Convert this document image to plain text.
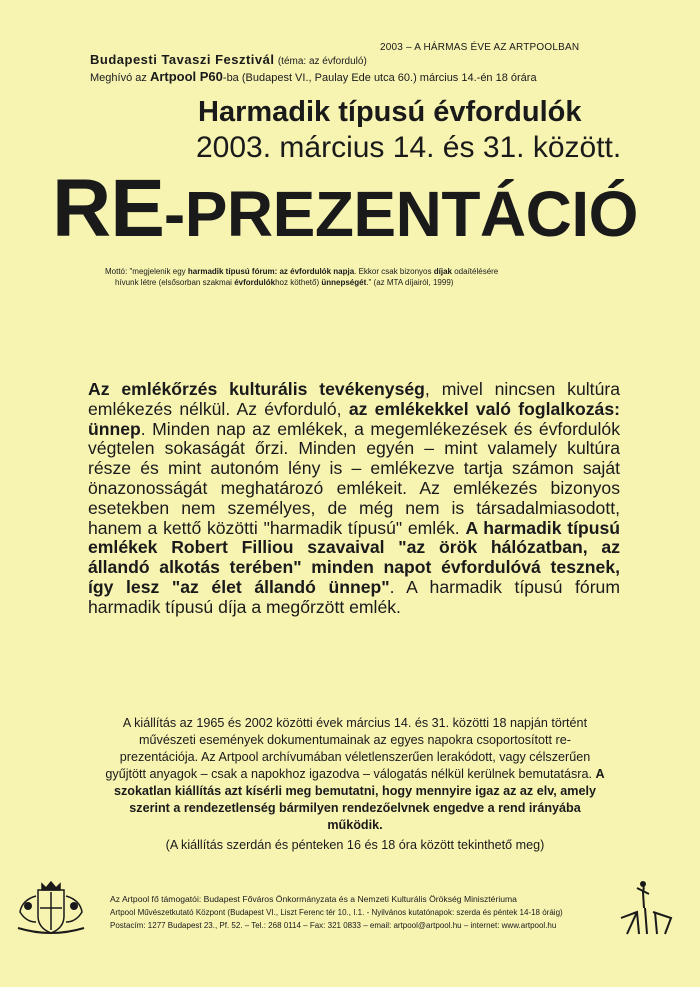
2003 – A HÁRMAS ÉVE AZ ARTPOOLBAN
Budapesti Tavaszi Fesztivál (téma: az évforduló)
Meghívó az Artpool P60-ba (Budapest VI., Paulay Ede utca 60.) március 14.-én 18 órára
Harmadik típusú évfordulók
2003. március 14. és 31. között.
RE-PREZENTÁCIÓ
Mottó: "megjelenik egy harmadik típusú fórum: az évfordulók napja. Ekkor csak bizonyos díjak odaítélésére
hívunk létre (elsősorban szakmai évfordulókhoz köthető) ünnepségét." (az MTA díjairól, 1999)
Az emlékőrzés kulturális tevékenység, mivel nincsen kultúra emlékezés nélkül. Az évforduló, az emlékekkel való foglalkozás: ünnep. Minden nap az emlékek, a megemlékezések és évfordulók végtelen sokaságát őrzi. Minden egyén – mint valamely kultúra része és mint autonóm lény is – emlékezve tartja számon saját önazonosságát meghatározó emlékeit. Az emlékezés bizonyos esetekben nem személyes, de még nem is társadalmiasodott, hanem a kettő közötti "harmadik típusú" emlék. A harmadik típusú emlékek Robert Filliou szavaival "az örök hálózatban, az állandó alkotás terében" minden napot évfordulóvá tesznek, így lesz "az élet állandó ünnep". A harmadik típusú fórum harmadik típusú díja a megőrzött emlék.
A kiállítás az 1965 és 2002 közötti évek március 14. és 31. közötti 18 napján történt művészeti események dokumentumainak az egyes napokra csoportosított re-prezentációja. Az Artpool archívumában véletlenszerűen lerakódott, vagy célszerűen gyűjtött anyagok – csak a napokhoz igazodva – válogatás nélkül kerülnek bemutatásra. A szokatlan kiállítás azt kísérli meg bemutatni, hogy mennyire igaz az az elv, amely szerint a rendezetlenség bármilyen rendezőelvnek engedve a rend irányába működik.
(A kiállítás szerdán és pénteken 16 és 18 óra között tekinthető meg)
Az Artpool fő támogatói: Budapest Főváros Önkormányzata és a Nemzeti Kulturális Örökség Minisztériuma
Artpool Művészetkutató Központ (Budapest VI., Liszt Ferenc tér 10., I.1. - Nyilvános kutatónapok: szerda és péntek 14-18 óráig)
Postacím: 1277 Budapest 23., Pf. 52. – Tel.: 268 0114 – Fax: 321 0833 – email: artpool@artpool.hu – internet: www.artpool.hu
